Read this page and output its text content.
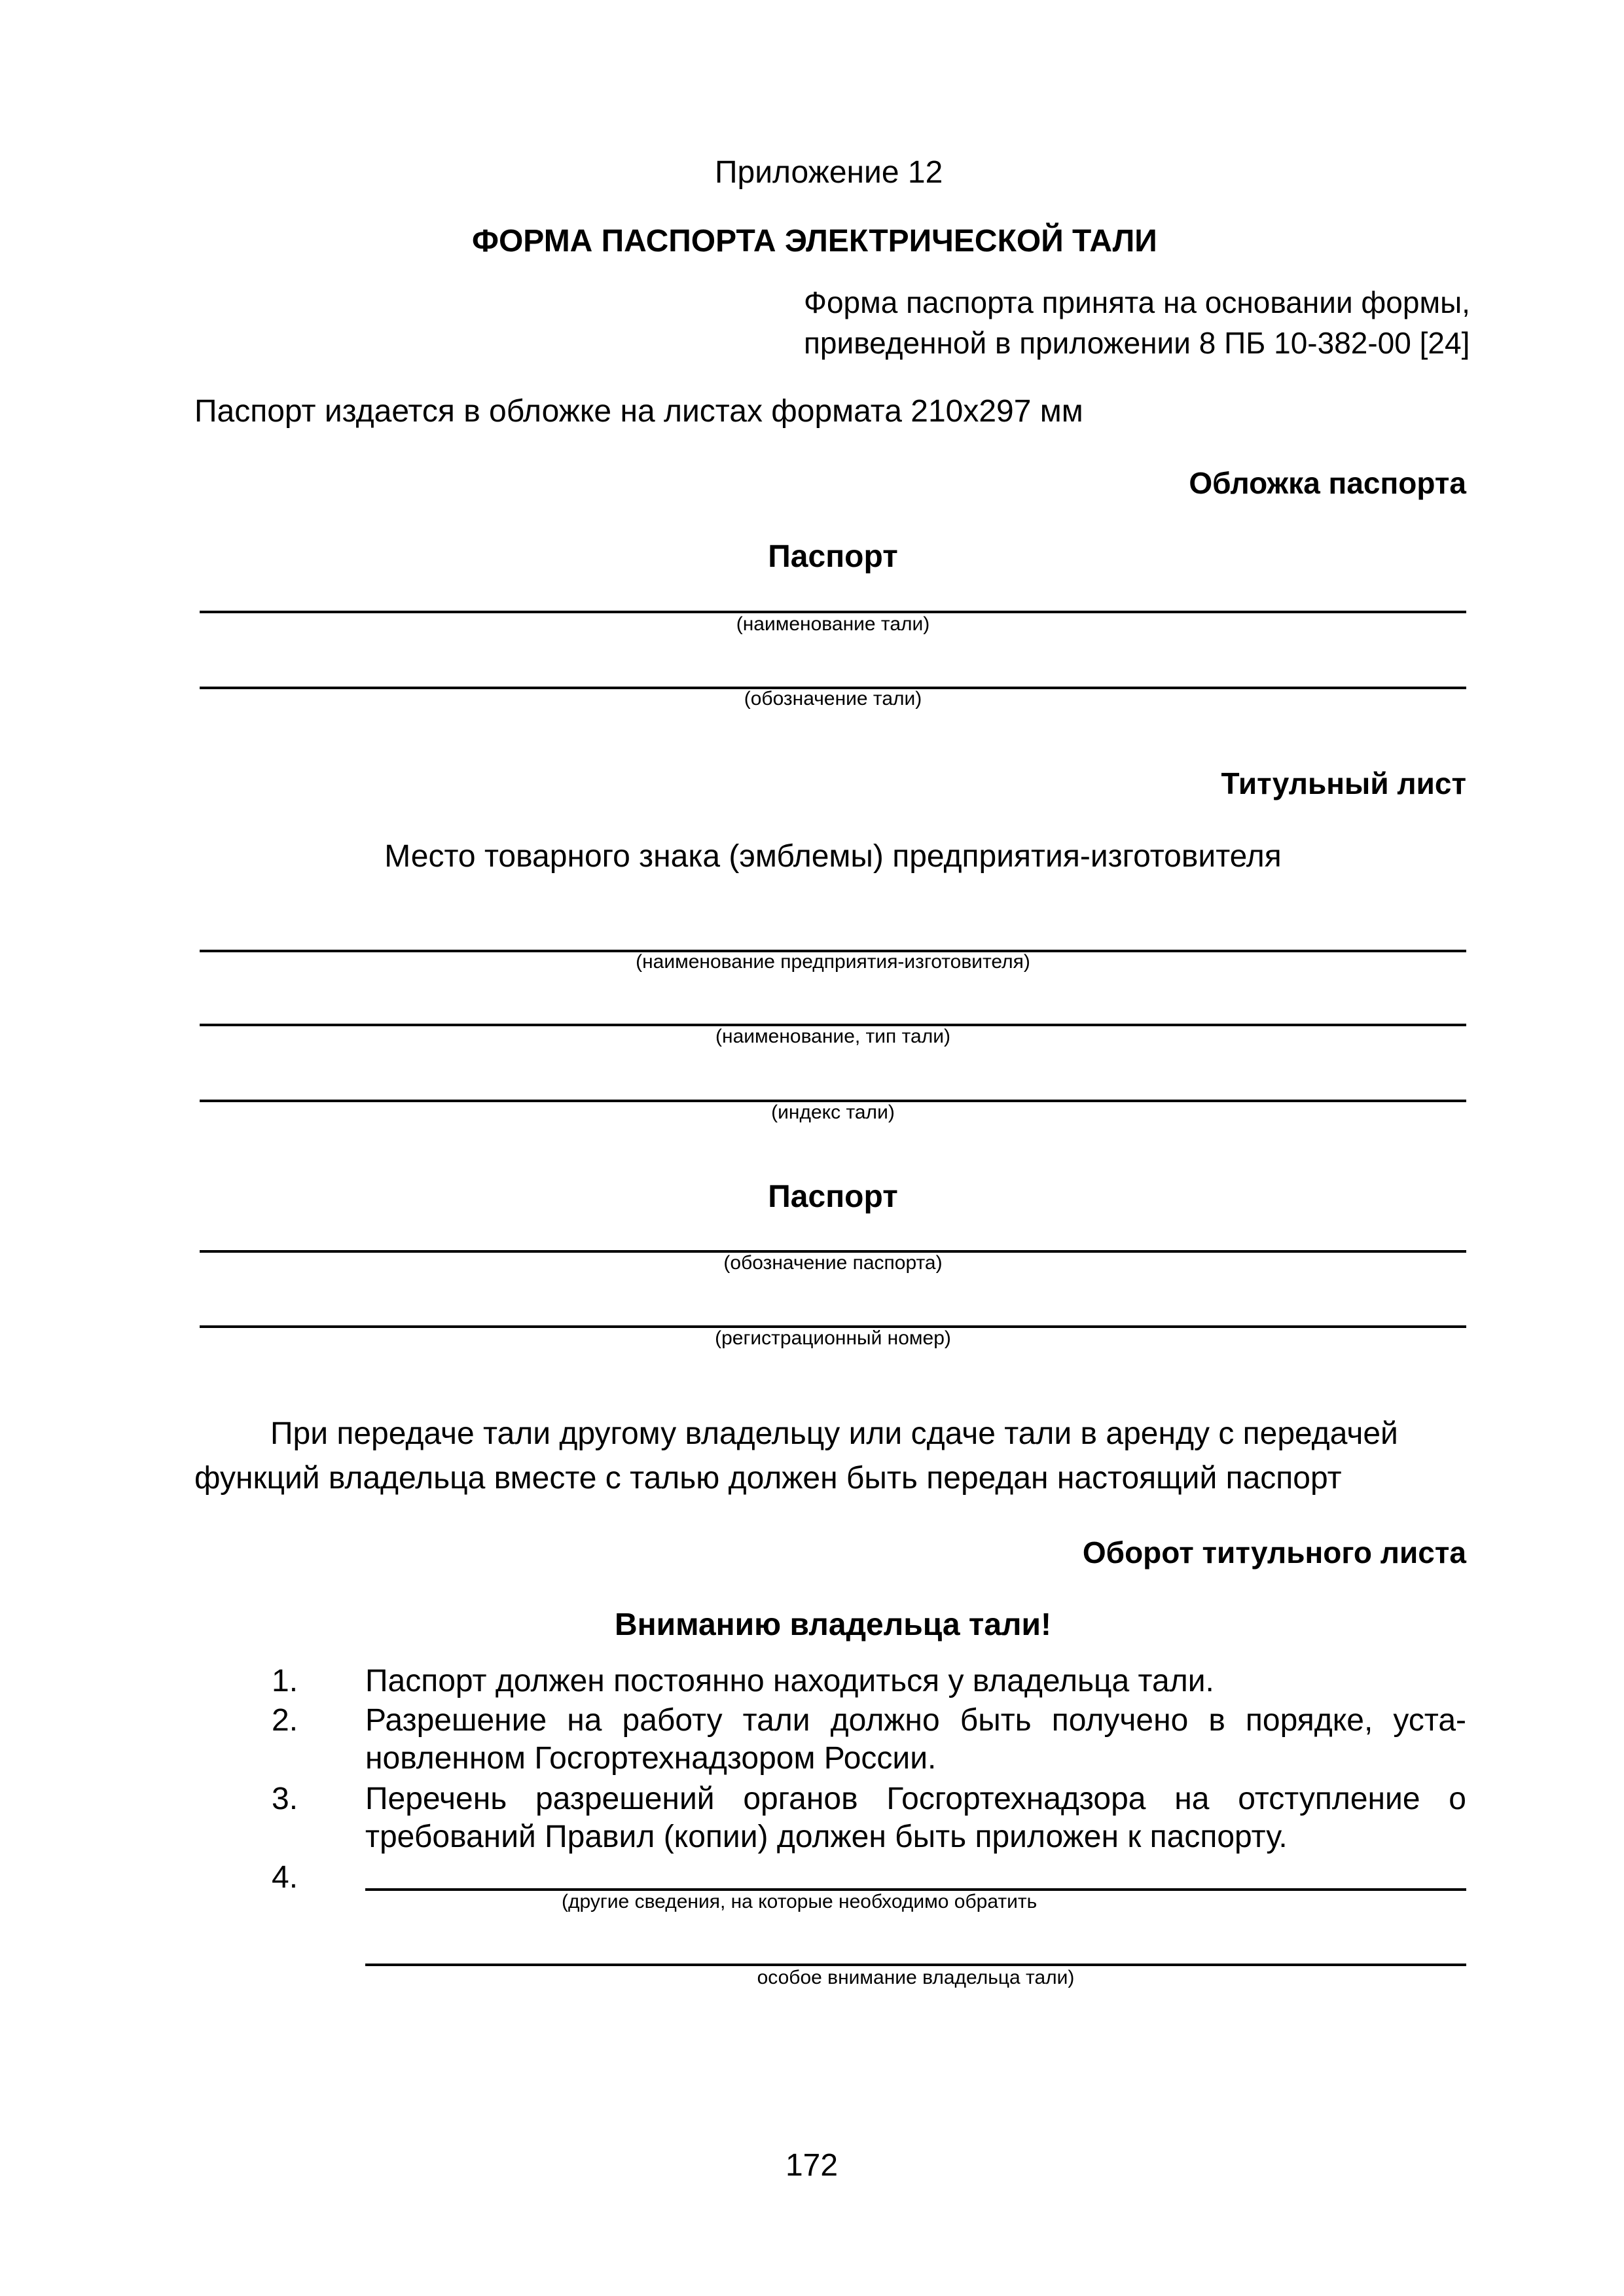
Приложение 12
ФОРМА ПАСПОРТА ЭЛЕКТРИЧЕСКОЙ ТАЛИ
Форма паспорта принята на основании формы,
приведенной в приложении 8 ПБ 10-382-00 [24]
Паспорт издается в обложке на листах формата 210х297 мм
Обложка паспорта
Паспорт
(наименование тали)
(обозначение тали)
Титульный лист
Место товарного знака (эмблемы) предприятия-изготовителя
(наименование предприятия-изготовителя)
(наименование, тип тали)
(индекс тали)
Паспорт
(обозначение паспорта)
(регистрационный номер)
При передаче тали другому владельцу или сдаче тали в аренду с передачей
функций владельца вместе с талью должен быть передан настоящий паспорт
Оборот титульного листа
Вниманию владельца тали!
1. Паспорт должен постоянно находиться у владельца тали.
2. Разрешение на работу тали должно быть получено в порядке, уста-
новленном Госгортехнадзором России.
3. Перечень разрешений органов Госгортехнадзора на отступление о
требований Правил (копии) должен быть приложен к паспорту.
4.
(другие сведения, на которые необходимо обратить
особое внимание владельца тали)
172
